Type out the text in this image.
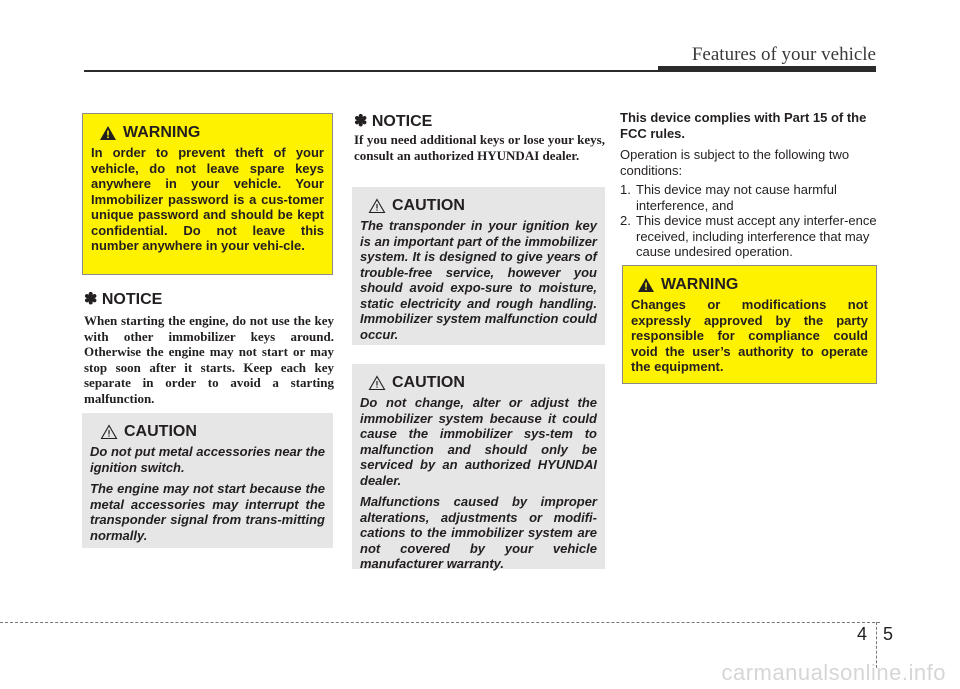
Features of your vehicle
WARNING

In order to prevent theft of your vehicle, do not leave spare keys anywhere in your vehicle. Your Immobilizer password is a cus-tomer unique password and should be kept confidential. Do not leave this number anywhere in your vehi-cle.

✽ NOTICE
When starting the engine, do not use the key with other immobilizer keys around. Otherwise the engine may not start or may stop soon after it starts. Keep each key separate in order to avoid a starting malfunction.
CAUTION

Do not put metal accessories near the ignition switch.

The engine may not start because the metal accessories may interrupt the transponder signal from trans-mitting normally.

✽ NOTICE
If you need additional keys or lose your keys, consult an authorized HYUNDAI dealer.
CAUTION

The transponder in your ignition key is an important part of the immobilizer system. It is designed to give years of trouble-free service, however you should avoid expo-sure to moisture, static electricity and rough handling. Immobilizer system malfunction could occur.

CAUTION

Do not change, alter or adjust the immobilizer system because it could cause the immobilizer sys-tem to malfunction and should only be serviced by an authorized HYUNDAI dealer.

Malfunctions caused by improper alterations, adjustments or modifi-cations to the immobilizer system are not covered by your vehicle manufacturer warranty.

This device complies with Part 15 of the FCC rules.

Operation is subject to the following two conditions:

1. This device may not cause harmful interference, and
2. This device must accept any interfer-ence received, including interference that may cause undesired operation.
WARNING

Changes or modifications not expressly approved by the party responsible for compliance could void the user’s authority to operate the equipment.

4 5
carmanualsonline.info
